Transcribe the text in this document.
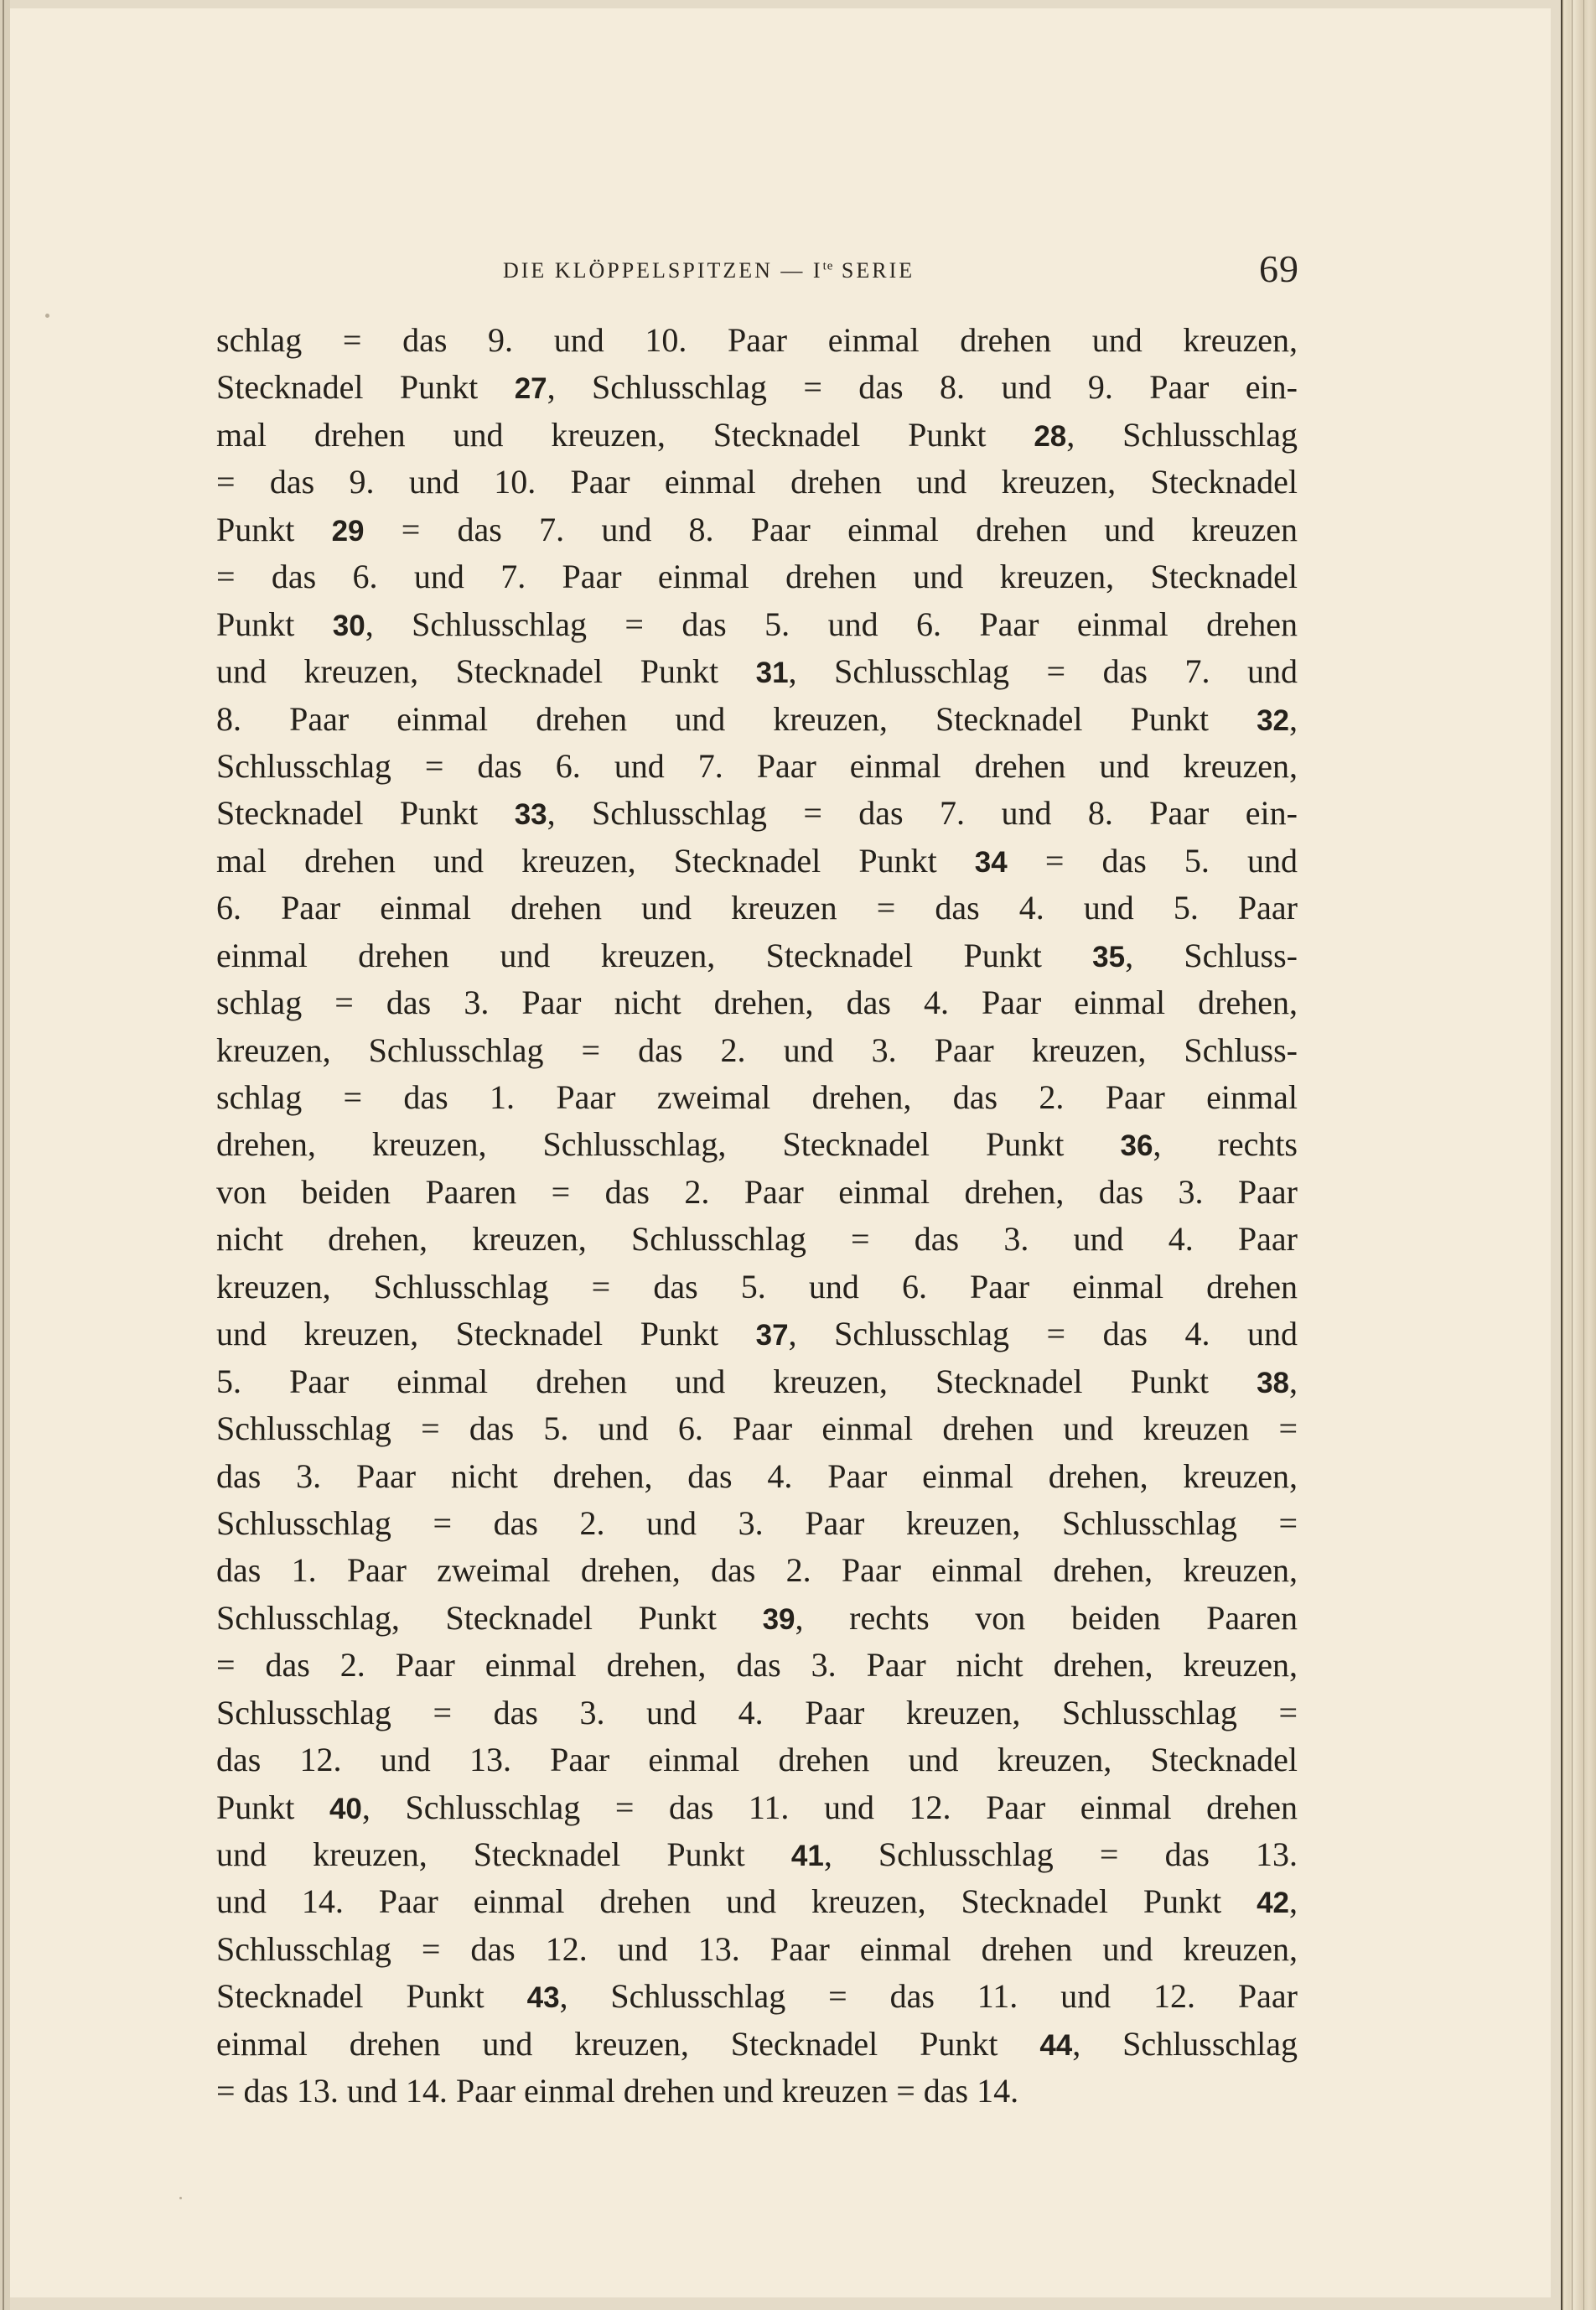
DIE KLÖPPELSPITZEN — $I^{te}$ SERIE	69
schlag = das 9. und 10. Paar einmal drehen und kreuzen,
Stecknadel Punkt 27, Schlusschlag = das 8. und 9. Paar ein-
mal drehen und kreuzen, Stecknadel Punkt 28, Schlusschlag
= das 9. und 10. Paar einmal drehen und kreuzen, Stecknadel
Punkt 29 = das 7. und 8. Paar einmal drehen und kreuzen
= das 6. und 7. Paar einmal drehen und kreuzen, Stecknadel
Punkt 30, Schlusschlag = das 5. und 6. Paar einmal drehen
und kreuzen, Stecknadel Punkt 31, Schlusschlag = das 7. und
8. Paar einmal drehen und kreuzen, Stecknadel Punkt 32,
Schlusschlag = das 6. und 7. Paar einmal drehen und kreuzen,
Stecknadel Punkt 33, Schlusschlag = das 7. und 8. Paar ein-
mal drehen und kreuzen, Stecknadel Punkt 34 = das 5. und
6. Paar einmal drehen und kreuzen = das 4. und 5. Paar
einmal drehen und kreuzen, Stecknadel Punkt 35, Schluss-
schlag = das 3. Paar nicht drehen, das 4. Paar einmal drehen,
kreuzen, Schlusschlag = das 2. und 3. Paar kreuzen, Schluss-
schlag = das 1. Paar zweimal drehen, das 2. Paar einmal
drehen, kreuzen, Schlusschlag, Stecknadel Punkt 36, rechts
von beiden Paaren = das 2. Paar einmal drehen, das 3. Paar
nicht drehen, kreuzen, Schlusschlag = das 3. und 4. Paar
kreuzen, Schlusschlag = das 5. und 6. Paar einmal drehen
und kreuzen, Stecknadel Punkt 37, Schlusschlag = das 4. und
5. Paar einmal drehen und kreuzen, Stecknadel Punkt 38,
Schlusschlag = das 5. und 6. Paar einmal drehen und kreuzen =
das 3. Paar nicht drehen, das 4. Paar einmal drehen, kreuzen,
Schlusschlag = das 2. und 3. Paar kreuzen, Schlusschlag =
das 1. Paar zweimal drehen, das 2. Paar einmal drehen, kreuzen,
Schlusschlag, Stecknadel Punkt 39, rechts von beiden Paaren
= das 2. Paar einmal drehen, das 3. Paar nicht drehen, kreuzen,
Schlusschlag = das 3. und 4. Paar kreuzen, Schlusschlag =
das 12. und 13. Paar einmal drehen und kreuzen, Stecknadel
Punkt 40, Schlusschlag = das 11. und 12. Paar einmal drehen
und kreuzen, Stecknadel Punkt 41, Schlusschlag = das 13.
und 14. Paar einmal drehen und kreuzen, Stecknadel Punkt 42,
Schlusschlag = das 12. und 13. Paar einmal drehen und kreuzen,
Stecknadel Punkt 43, Schlusschlag = das 11. und 12. Paar
einmal drehen und kreuzen, Stecknadel Punkt 44, Schlusschlag
= das 13. und 14. Paar einmal drehen und kreuzen = das 14.
